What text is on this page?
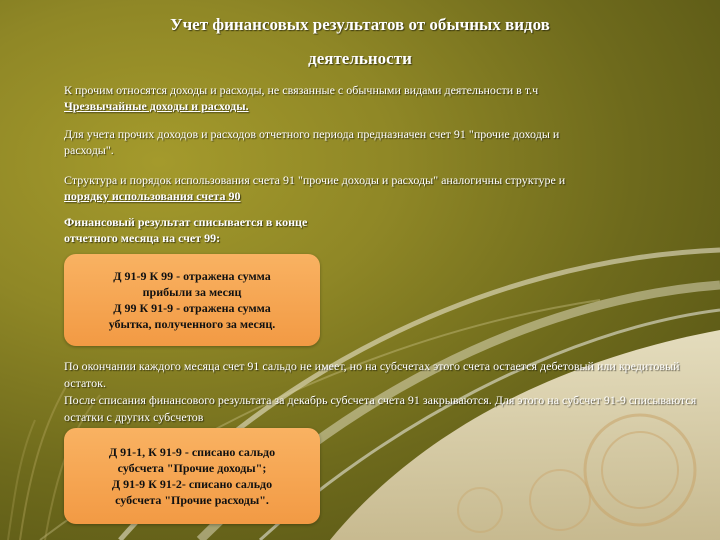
Учет финансовых результатов от обычных видов
деятельности
К прочим относятся доходы и расходы, не связанные с обычными видами деятельности в т.ч Чрезвычайные доходы и расходы.
Для учета прочих доходов и расходов отчетного периода предназначен счет 91 "прочие доходы и расходы".
Структура и порядок использования счета 91 "прочие доходы и расходы" аналогичны структуре и порядку использования счета 90
Финансовый результат списывается в конце
отчетного месяца на счет 99:
Д 91-9 К 99 - отражена сумма
прибыли за месяц
Д 99 К 91-9 - отражена сумма
убытка, полученного за месяц.
По окончании каждого месяца счет 91 сальдо не имеет, но на субсчетах этого счета остается дебетовый или кредитовый остаток.
После списания финансового результата за декабрь субсчета счета 91 закрываются. Для этого на субсчет 91-9 списываются остатки с других субсчетов
Д 91-1, К 91-9 - списано сальдо
субсчета "Прочие доходы";
Д 91-9 К 91-2- списано сальдо
субсчета "Прочие расходы".
